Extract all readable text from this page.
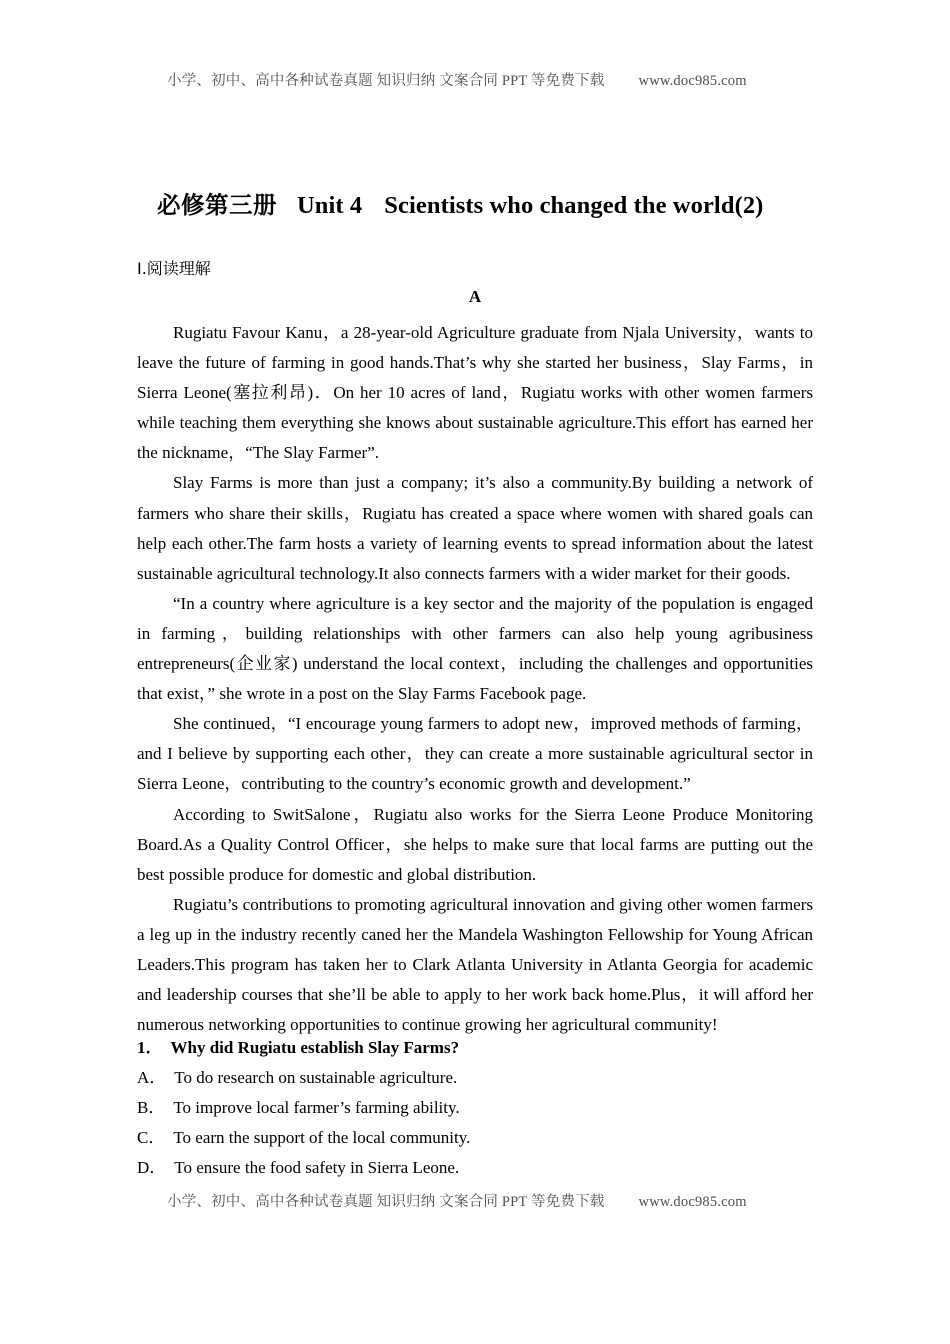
小学、初中、高中各种试卷真题 知识归纳 文案合同 PPT 等免费下载 www.doc985.com
必修第三册 Unit 4 Scientists who changed the world(2)
Ⅰ.阅读理解
A

Rugiatu Favour Kanu，a 28-year-old Agriculture graduate from Njala University，wants to leave the future of farming in good hands.That’s why she started her business，Slay Farms，in Sierra Leone(塞拉利昂)．On her 10 acres of land，Rugiatu works with other women farmers while teaching them everything she knows about sustainable agriculture.This effort has earned her the nickname，“The Slay Farmer”.

Slay Farms is more than just a company; it’s also a community.By building a network of farmers who share their skills，Rugiatu has created a space where women with shared goals can help each other.The farm hosts a variety of learning events to spread information about the latest sustainable agricultural technology.It also connects farmers with a wider market for their goods.

“In a country where agriculture is a key sector and the majority of the population is engaged in farming，building relationships with other farmers can also help young agribusiness entrepreneurs(企业家) understand the local context，including the challenges and opportunities that exist，” she wrote in a post on the Slay Farms Facebook page.

She continued，“I encourage young farmers to adopt new，improved methods of farming，and I believe by supporting each other，they can create a more sustainable agricultural sector in Sierra Leone，contributing to the country’s economic growth and development.”

According to SwitSalone，Rugiatu also works for the Sierra Leone Produce Monitoring Board.As a Quality Control Officer，she helps to make sure that local farms are putting out the best possible produce for domestic and global distribution.

Rugiatu’s contributions to promoting agricultural innovation and giving other women farmers a leg up in the industry recently caned her the Mandela Washington Fellowship for Young African Leaders.This program has taken her to Clark Atlanta University in Atlanta Georgia for academic and leadership courses that she’ll be able to apply to her work back home.Plus，it will afford her numerous networking opportunities to continue growing her agricultural community!

1． Why did Rugiatu establish Slay Farms?

A． To do research on sustainable agriculture.

B． To improve local farmer’s farming ability.

C． To earn the support of the local community.

D． To ensure the food safety in Sierra Leone.

小学、初中、高中各种试卷真题 知识归纳 文案合同 PPT 等免费下载 www.doc985.com
